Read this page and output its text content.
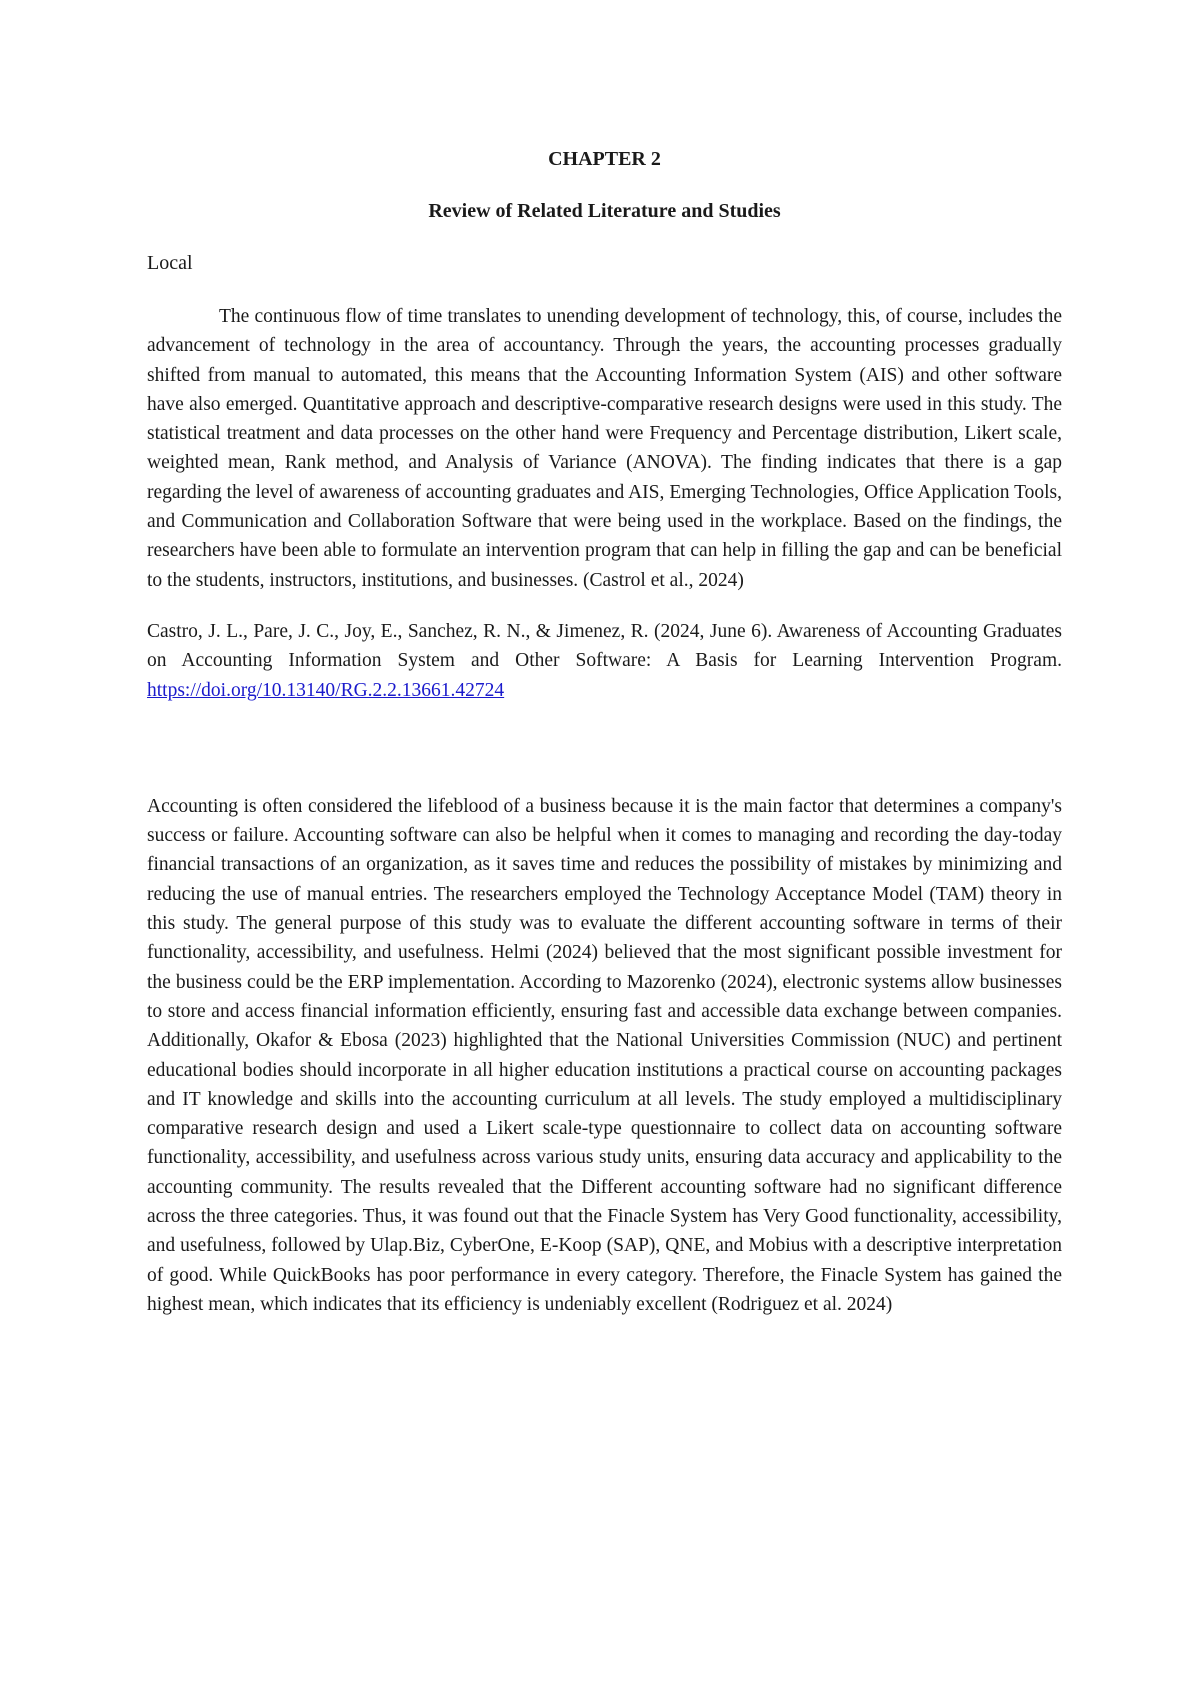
CHAPTER 2
Review of Related Literature and Studies
Local

The continuous flow of time translates to unending development of technology, this, of course, includes the advancement of technology in the area of accountancy. Through the years, the accounting processes gradually shifted from manual to automated, this means that the Accounting Information System (AIS) and other software have also emerged. Quantitative approach and descriptive-comparative research designs were used in this study. The statistical treatment and data processes on the other hand were Frequency and Percentage distribution, Likert scale, weighted mean, Rank method, and Analysis of Variance (ANOVA). The finding indicates that there is a gap regarding the level of awareness of accounting graduates and AIS, Emerging Technologies, Office Application Tools, and Communication and Collaboration Software that were being used in the workplace. Based on the findings, the researchers have been able to formulate an intervention program that can help in filling the gap and can be beneficial to the students, instructors, institutions, and businesses. (Castrol et al., 2024)

Castro, J. L., Pare, J. C., Joy, E., Sanchez, R. N., & Jimenez, R. (2024, June 6). Awareness of Accounting Graduates on Accounting Information System and Other Software: A Basis for Learning Intervention Program. https://doi.org/10.13140/RG.2.2.13661.42724

Accounting is often considered the lifeblood of a business because it is the main factor that determines a company's success or failure. Accounting software can also be helpful when it comes to managing and recording the day-today financial transactions of an organization, as it saves time and reduces the possibility of mistakes by minimizing and reducing the use of manual entries. The researchers employed the Technology Acceptance Model (TAM) theory in this study. The general purpose of this study was to evaluate the different accounting software in terms of their functionality, accessibility, and usefulness. Helmi (2024) believed that the most significant possible investment for the business could be the ERP implementation. According to Mazorenko (2024), electronic systems allow businesses to store and access financial information efficiently, ensuring fast and accessible data exchange between companies. Additionally, Okafor & Ebosa (2023) highlighted that the National Universities Commission (NUC) and pertinent educational bodies should incorporate in all higher education institutions a practical course on accounting packages and IT knowledge and skills into the accounting curriculum at all levels. The study employed a multidisciplinary comparative research design and used a Likert scale-type questionnaire to collect data on accounting software functionality, accessibility, and usefulness across various study units, ensuring data accuracy and applicability to the accounting community. The results revealed that the Different accounting software had no significant difference across the three categories. Thus, it was found out that the Finacle System has Very Good functionality, accessibility, and usefulness, followed by Ulap.Biz, CyberOne, E-Koop (SAP), QNE, and Mobius with a descriptive interpretation of good. While QuickBooks has poor performance in every category. Therefore, the Finacle System has gained the highest mean, which indicates that its efficiency is undeniably excellent (Rodriguez et al. 2024)
